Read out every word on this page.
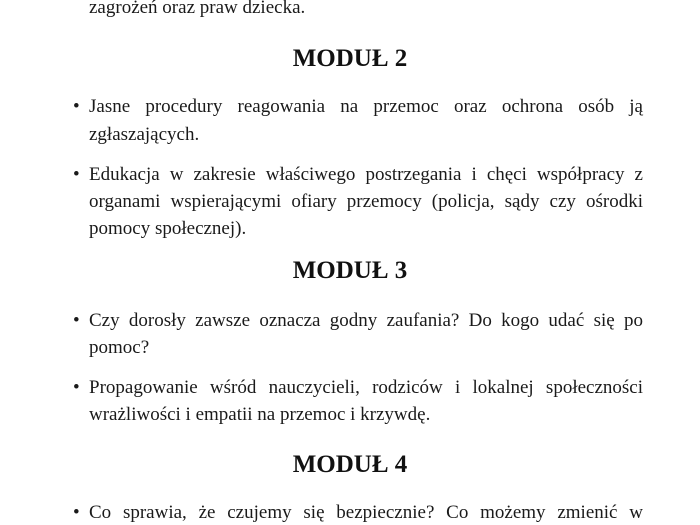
zagrożeń oraz praw dziecka.
MODUŁ 2
• Jasne procedury reagowania na przemoc oraz ochrona osób ją
zgłaszających.
• Edukacja w zakresie właściwego postrzegania i chęci współpracy z
organami wspierającymi ofiary przemocy (policja, sądy czy ośrodki
pomocy społecznej).
MODUŁ 3
• Czy dorosły zawsze oznacza godny zaufania? Do kogo udać się po
pomoc?
• Propagowanie wśród nauczycieli, rodziców i lokalnej społeczności
wrażliwości i empatii na przemoc i krzywdę.
MODUŁ 4
• Co sprawia, że czujemy się bezpiecznie? Co możemy zmienić w
